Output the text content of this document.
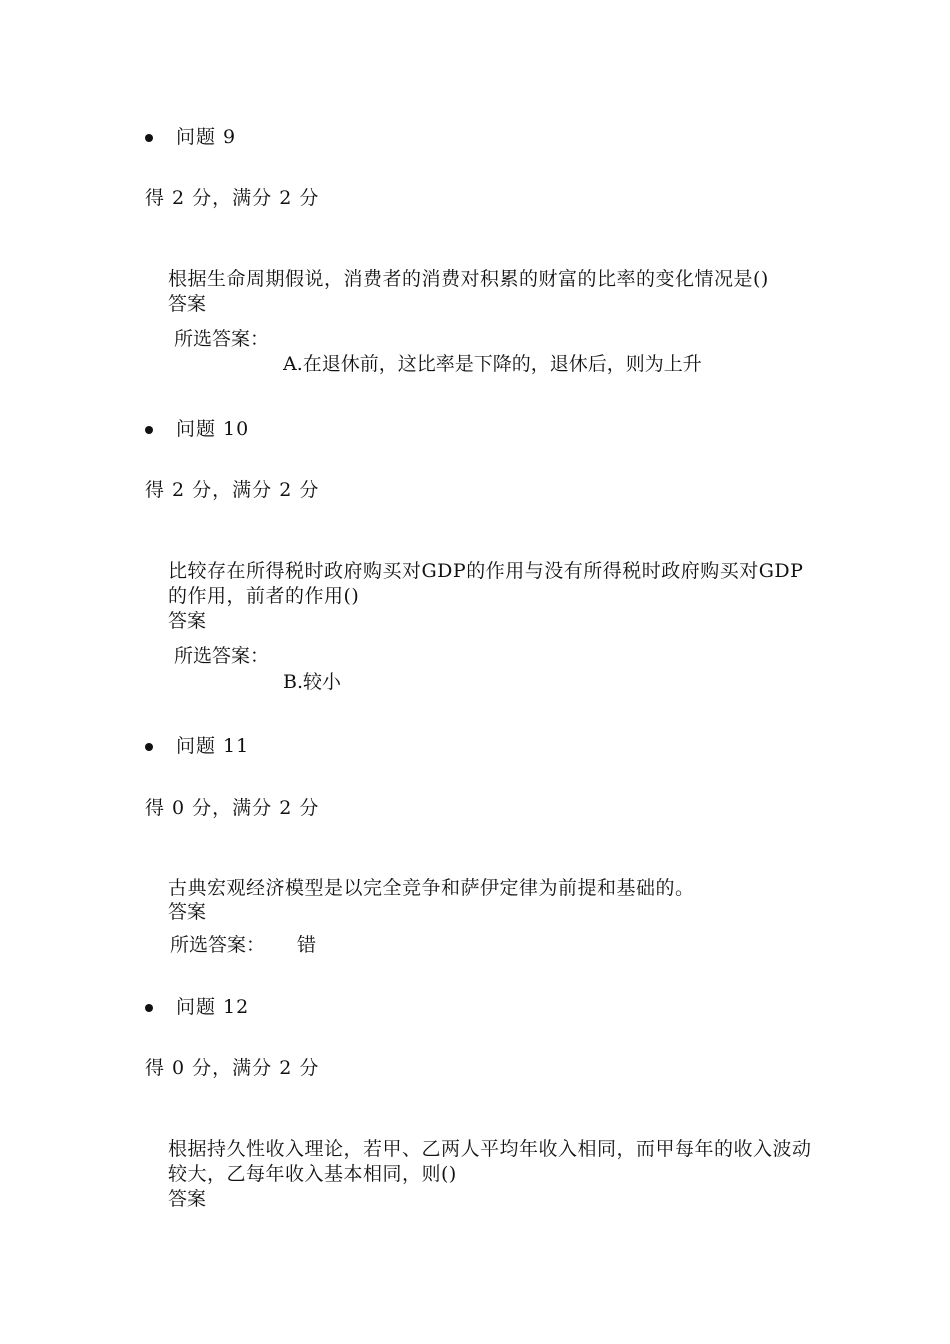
问题 9
得 2 分，满分 2 分
根据生命周期假说，消费者的消费对积累的财富的比率的变化情况是()
答案
所选答案：
A.在退休前，这比率是下降的，退休后，则为上升
问题 10
得 2 分，满分 2 分
比较存在所得税时政府购买对GDP的作用与没有所得税时政府购买对GDP
的作用，前者的作用()
答案
所选答案：
B.较小
问题 11
得 0 分，满分 2 分
古典宏观经济模型是以完全竞争和萨伊定律为前提和基础的。
答案
所选答案： 错
问题 12
得 0 分，满分 2 分
根据持久性收入理论，若甲、乙两人平均年收入相同，而甲每年的收入波动
较大，乙每年收入基本相同，则()
答案
